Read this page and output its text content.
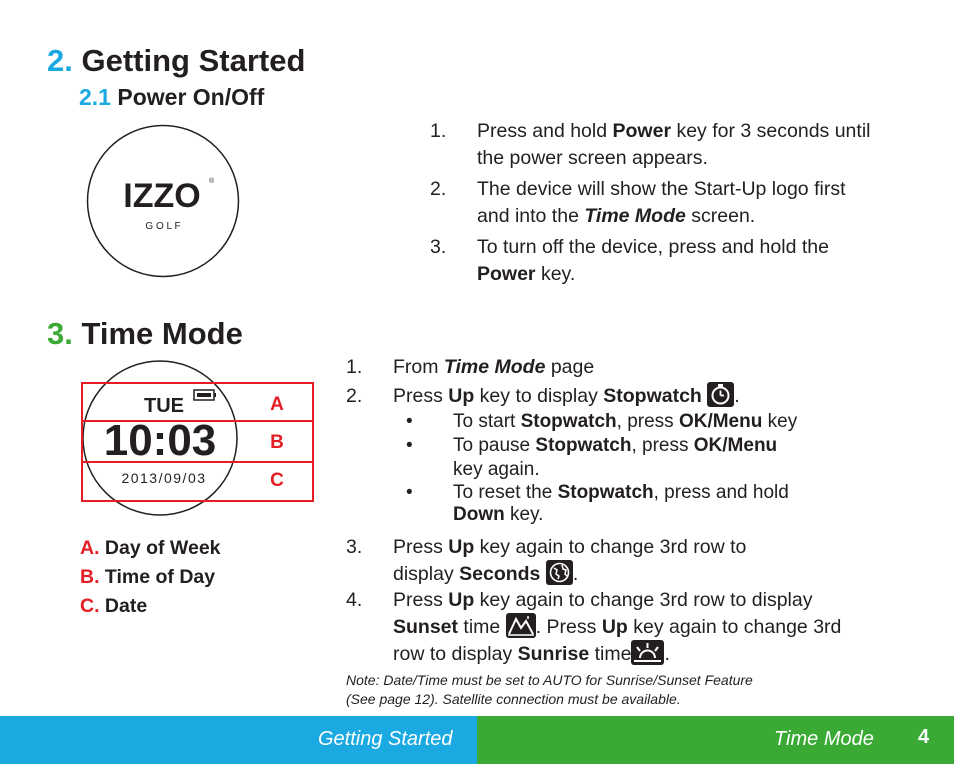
2. Getting Started
2.1 Power On/Off
IZZO ®
G O L F
1. Press and hold Power key for 3 seconds until
the power screen appears.
2. The device will show the Start-Up logo first
and into the Time Mode screen.
3. To turn off the device, press and hold the
Power key.
3. Time Mode
TUE
10:03
2013/09/03
A
B
C
A. Day of Week
B. Time of Day
C. Date
1. From Time Mode page
2. Press Up key to display Stopwatch .
• To start Stopwatch, press OK/Menu key
• To pause Stopwatch, press OK/Menu
key again.
• To reset the Stopwatch, press and hold
Down key.
3. Press Up key again to change 3rd row to
display Seconds .
4. Press Up key again to change 3rd row to display
Sunset time . Press Up key again to change 3rd
row to display Sunrise time .
Note: Date/Time must be set to AUTO for Sunrise/Sunset Feature
(See page 12). Satellite connection must be available.
Getting Started	Time Mode 4
